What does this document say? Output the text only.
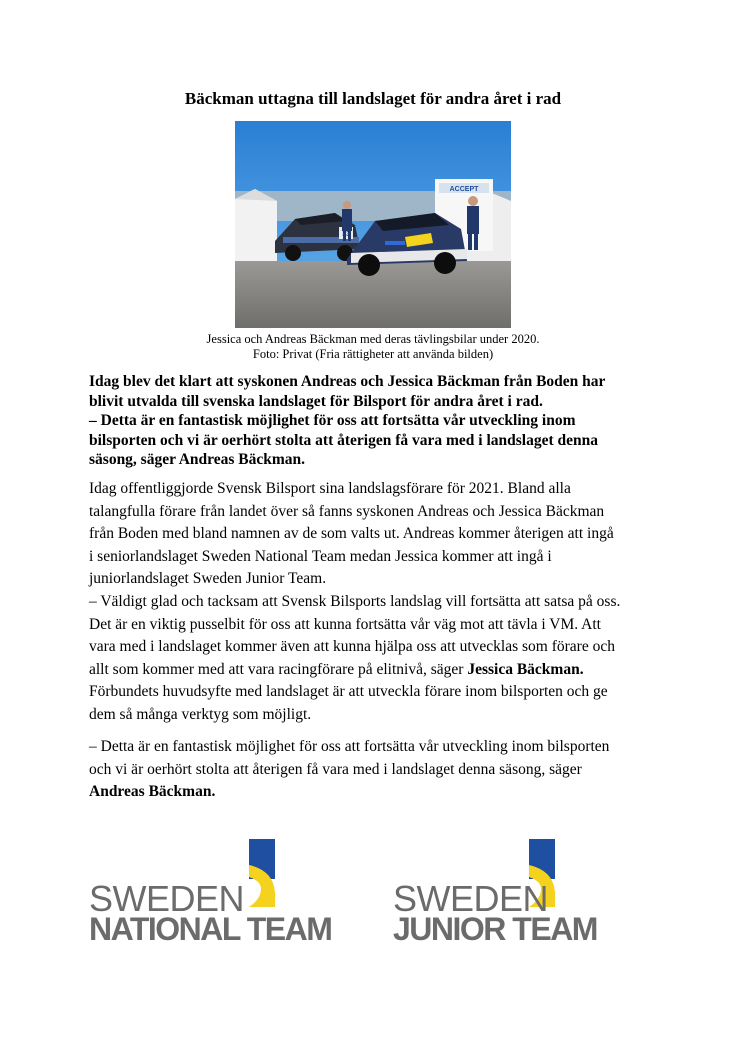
Bäckman uttagna till landslaget för andra året i rad
ACCEPT
Jessica och Andreas Bäckman med deras tävlingsbilar under 2020.
Foto: Privat (Fria rättigheter att använda bilden)
Idag blev det klart att syskonen Andreas och Jessica Bäckman från Boden har
blivit utvalda till svenska landslaget för Bilsport för andra året i rad.
– Detta är en fantastisk möjlighet för oss att fortsätta vår utveckling inom
bilsporten och vi är oerhört stolta att återigen få vara med i landslaget denna
säsong, säger Andreas Bäckman.
Idag offentliggjorde Svensk Bilsport sina landslagsförare för 2021. Bland alla
talangfulla förare från landet över så fanns syskonen Andreas och Jessica Bäckman
från Boden med bland namnen av de som valts ut. Andreas kommer återigen att ingå
i seniorlandslaget Sweden National Team medan Jessica kommer att ingå i
juniorlandslaget Sweden Junior Team.
– Väldigt glad och tacksam att Svensk Bilsports landslag vill fortsätta att satsa på oss.
Det är en viktig pusselbit för oss att kunna fortsätta vår väg mot att tävla i VM. Att
vara med i landslaget kommer även att kunna hjälpa oss att utvecklas som förare och
allt som kommer med att vara racingförare på elitnivå, säger Jessica Bäckman.
Förbundets huvudsyfte med landslaget är att utveckla förare inom bilsporten och ge
dem så många verktyg som möjligt.
– Detta är en fantastisk möjlighet för oss att fortsätta vår utveckling inom bilsporten
och vi är oerhört stolta att återigen få vara med i landslaget denna säsong, säger
Andreas Bäckman.
SWEDEN
NATIONAL TEAM
SWEDEN
JUNIOR TEAM
